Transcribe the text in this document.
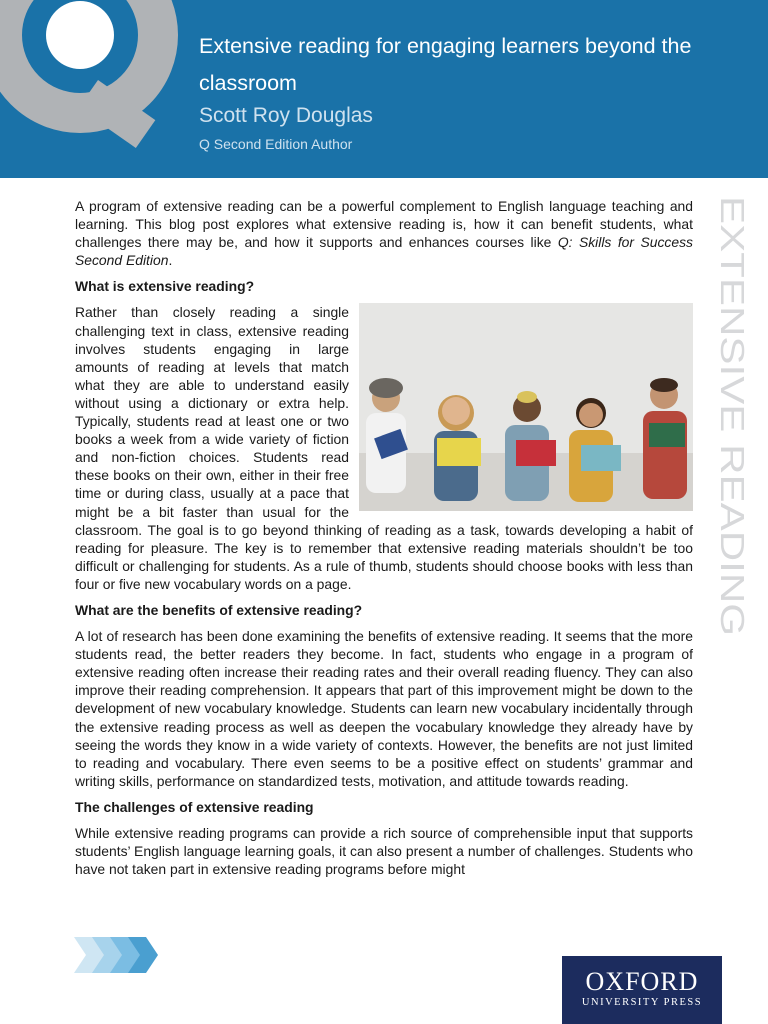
Extensive reading for engaging learners beyond the classroom
Scott Roy Douglas
Q Second Edition Author
EXTENSIVE READING

A program of extensive reading can be a powerful complement to English language teaching and learning. This blog post explores what extensive reading is, how it can benefit students, what challenges there may be, and how it supports and enhances courses like Q: Skills for Success Second Edition.

What is extensive reading?

Rather than closely reading a single challenging text in class, extensive reading involves students engaging in large amounts of reading at levels that match what they are able to understand easily without using a dictionary or extra help. Typically, students read at least one or two books a week from a wide variety of fiction and non-fiction choices. Students read these books on their own, either in their free time or during class, usually at a pace that might be a bit faster than usual for the classroom. The goal is to go beyond thinking of reading as a task, towards developing a habit of reading for pleasure. The key is to remember that extensive reading materials shouldn’t be too difficult or challenging for students. As a rule of thumb, students should choose books with less than four or five new vocabulary words on a page.

What are the benefits of extensive reading?

A lot of research has been done examining the benefits of extensive reading. It seems that the more students read, the better readers they become. In fact, students who engage in a program of extensive reading often increase their reading rates and their overall reading fluency. They can also improve their reading comprehension. It appears that part of this improvement might be down to the development of new vocabulary knowledge. Students can learn new vocabulary incidentally through the extensive reading process as well as deepen the vocabulary knowledge they already have by seeing the words they know in a wide variety of contexts. However, the benefits are not just limited to reading and vocabulary. There even seems to be a positive effect on students’ grammar and writing skills, performance on standardized tests, motivation, and attitude towards reading.

The challenges of extensive reading

While extensive reading programs can provide a rich source of comprehensible input that supports students’ English language learning goals, it can also present a number of challenges. Students who have not taken part in extensive reading programs before might

OXFORD
UNIVERSITY PRESS
